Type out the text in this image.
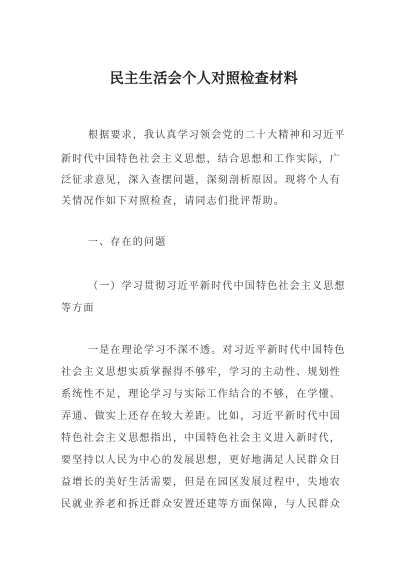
民主生活会个人对照检查材料
根据要求，我认真学习领会党的二十大精神和习近平
新时代中国特色社会主义思想，结合思想和工作实际，广
泛征求意见，深入查摆问题，深刻剖析原因。现将个人有
关情况作如下对照检查，请同志们批评帮助。
一、存在的问题
（一）学习贯彻习近平新时代中国特色社会主义思想
等方面
一是在理论学习不深不透。对习近平新时代中国特色
社会主义思想实质掌握得不够牢，学习的主动性、规划性
系统性不足，理论学习与实际工作结合的不够，在学懂、
弄通、做实上还存在较大差距。比如，习近平新时代中国
特色社会主义思想指出，中国特色社会主义进入新时代，
要坚持以人民为中心的发展思想，更好地满足人民群众日
益增长的美好生活需要，但是在园区发展过程中，失地农
民就业养老和拆迁群众安置还建等方面保障，与人民群众
